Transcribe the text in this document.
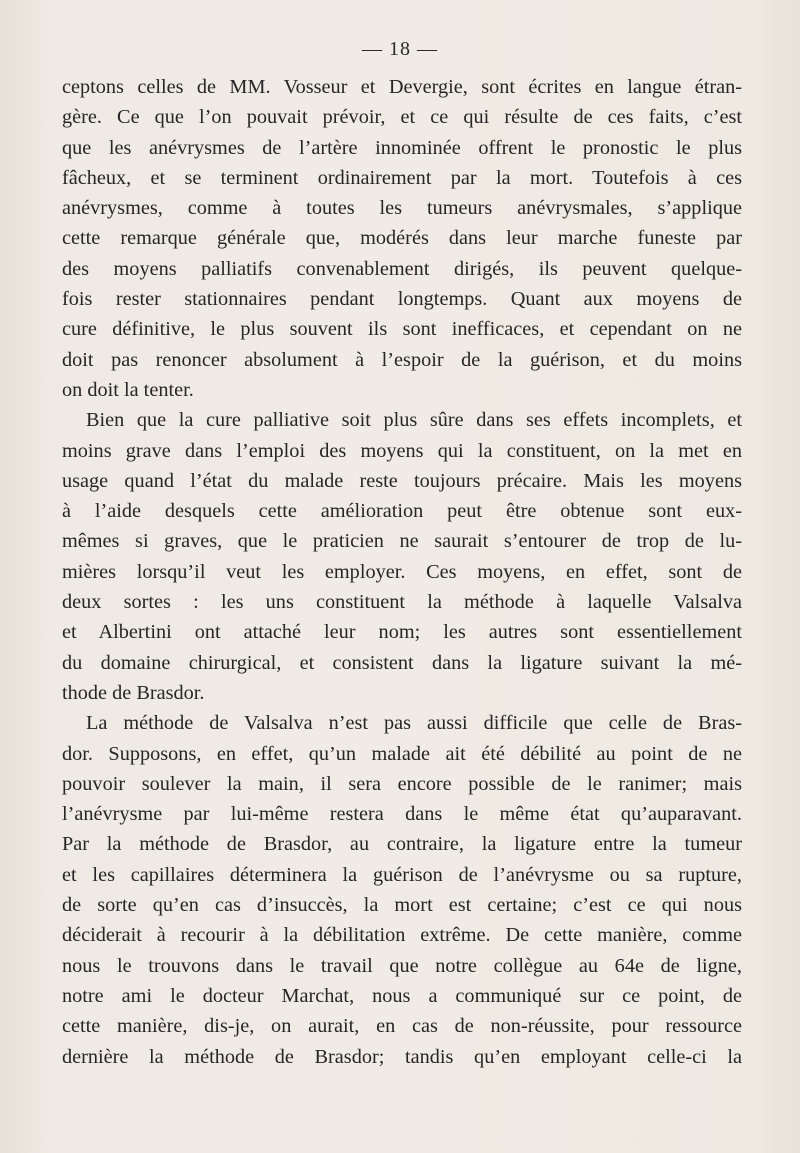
— 18 —
ceptons celles de MM. Vosseur et Devergie, sont écrites en langue étran-
gère. Ce que l’on pouvait prévoir, et ce qui résulte de ces faits, c’est
que les anévrysmes de l’artère innominée offrent le pronostic le plus
fâcheux, et se terminent ordinairement par la mort. Toutefois à ces
anévrysmes, comme à toutes les tumeurs anévrysmales, s’applique
cette remarque générale que, modérés dans leur marche funeste par
des moyens palliatifs convenablement dirigés, ils peuvent quelque-
fois rester stationnaires pendant longtemps. Quant aux moyens de
cure définitive, le plus souvent ils sont inefficaces, et cependant on ne
doit pas renoncer absolument à l’espoir de la guérison, et du moins
on doit la tenter.
Bien que la cure palliative soit plus sûre dans ses effets incomplets, et
moins grave dans l’emploi des moyens qui la constituent, on la met en
usage quand l’état du malade reste toujours précaire. Mais les moyens
à l’aide desquels cette amélioration peut être obtenue sont eux-
mêmes si graves, que le praticien ne saurait s’entourer de trop de lu-
mières lorsqu’il veut les employer. Ces moyens, en effet, sont de
deux sortes : les uns constituent la méthode à laquelle Valsalva
et Albertini ont attaché leur nom; les autres sont essentiellement
du domaine chirurgical, et consistent dans la ligature suivant la mé-
thode de Brasdor.
La méthode de Valsalva n’est pas aussi difficile que celle de Bras-
dor. Supposons, en effet, qu’un malade ait été débilité au point de ne
pouvoir soulever la main, il sera encore possible de le ranimer; mais
l’anévrysme par lui-même restera dans le même état qu’auparavant.
Par la méthode de Brasdor, au contraire, la ligature entre la tumeur
et les capillaires déterminera la guérison de l’anévrysme ou sa rupture,
de sorte qu’en cas d’insuccès, la mort est certaine; c’est ce qui nous
déciderait à recourir à la débilitation extrême. De cette manière, comme
nous le trouvons dans le travail que notre collègue au 64e de ligne,
notre ami le docteur Marchat, nous a communiqué sur ce point, de
cette manière, dis-je, on aurait, en cas de non-réussite, pour ressource
dernière la méthode de Brasdor; tandis qu’en employant celle-ci la
